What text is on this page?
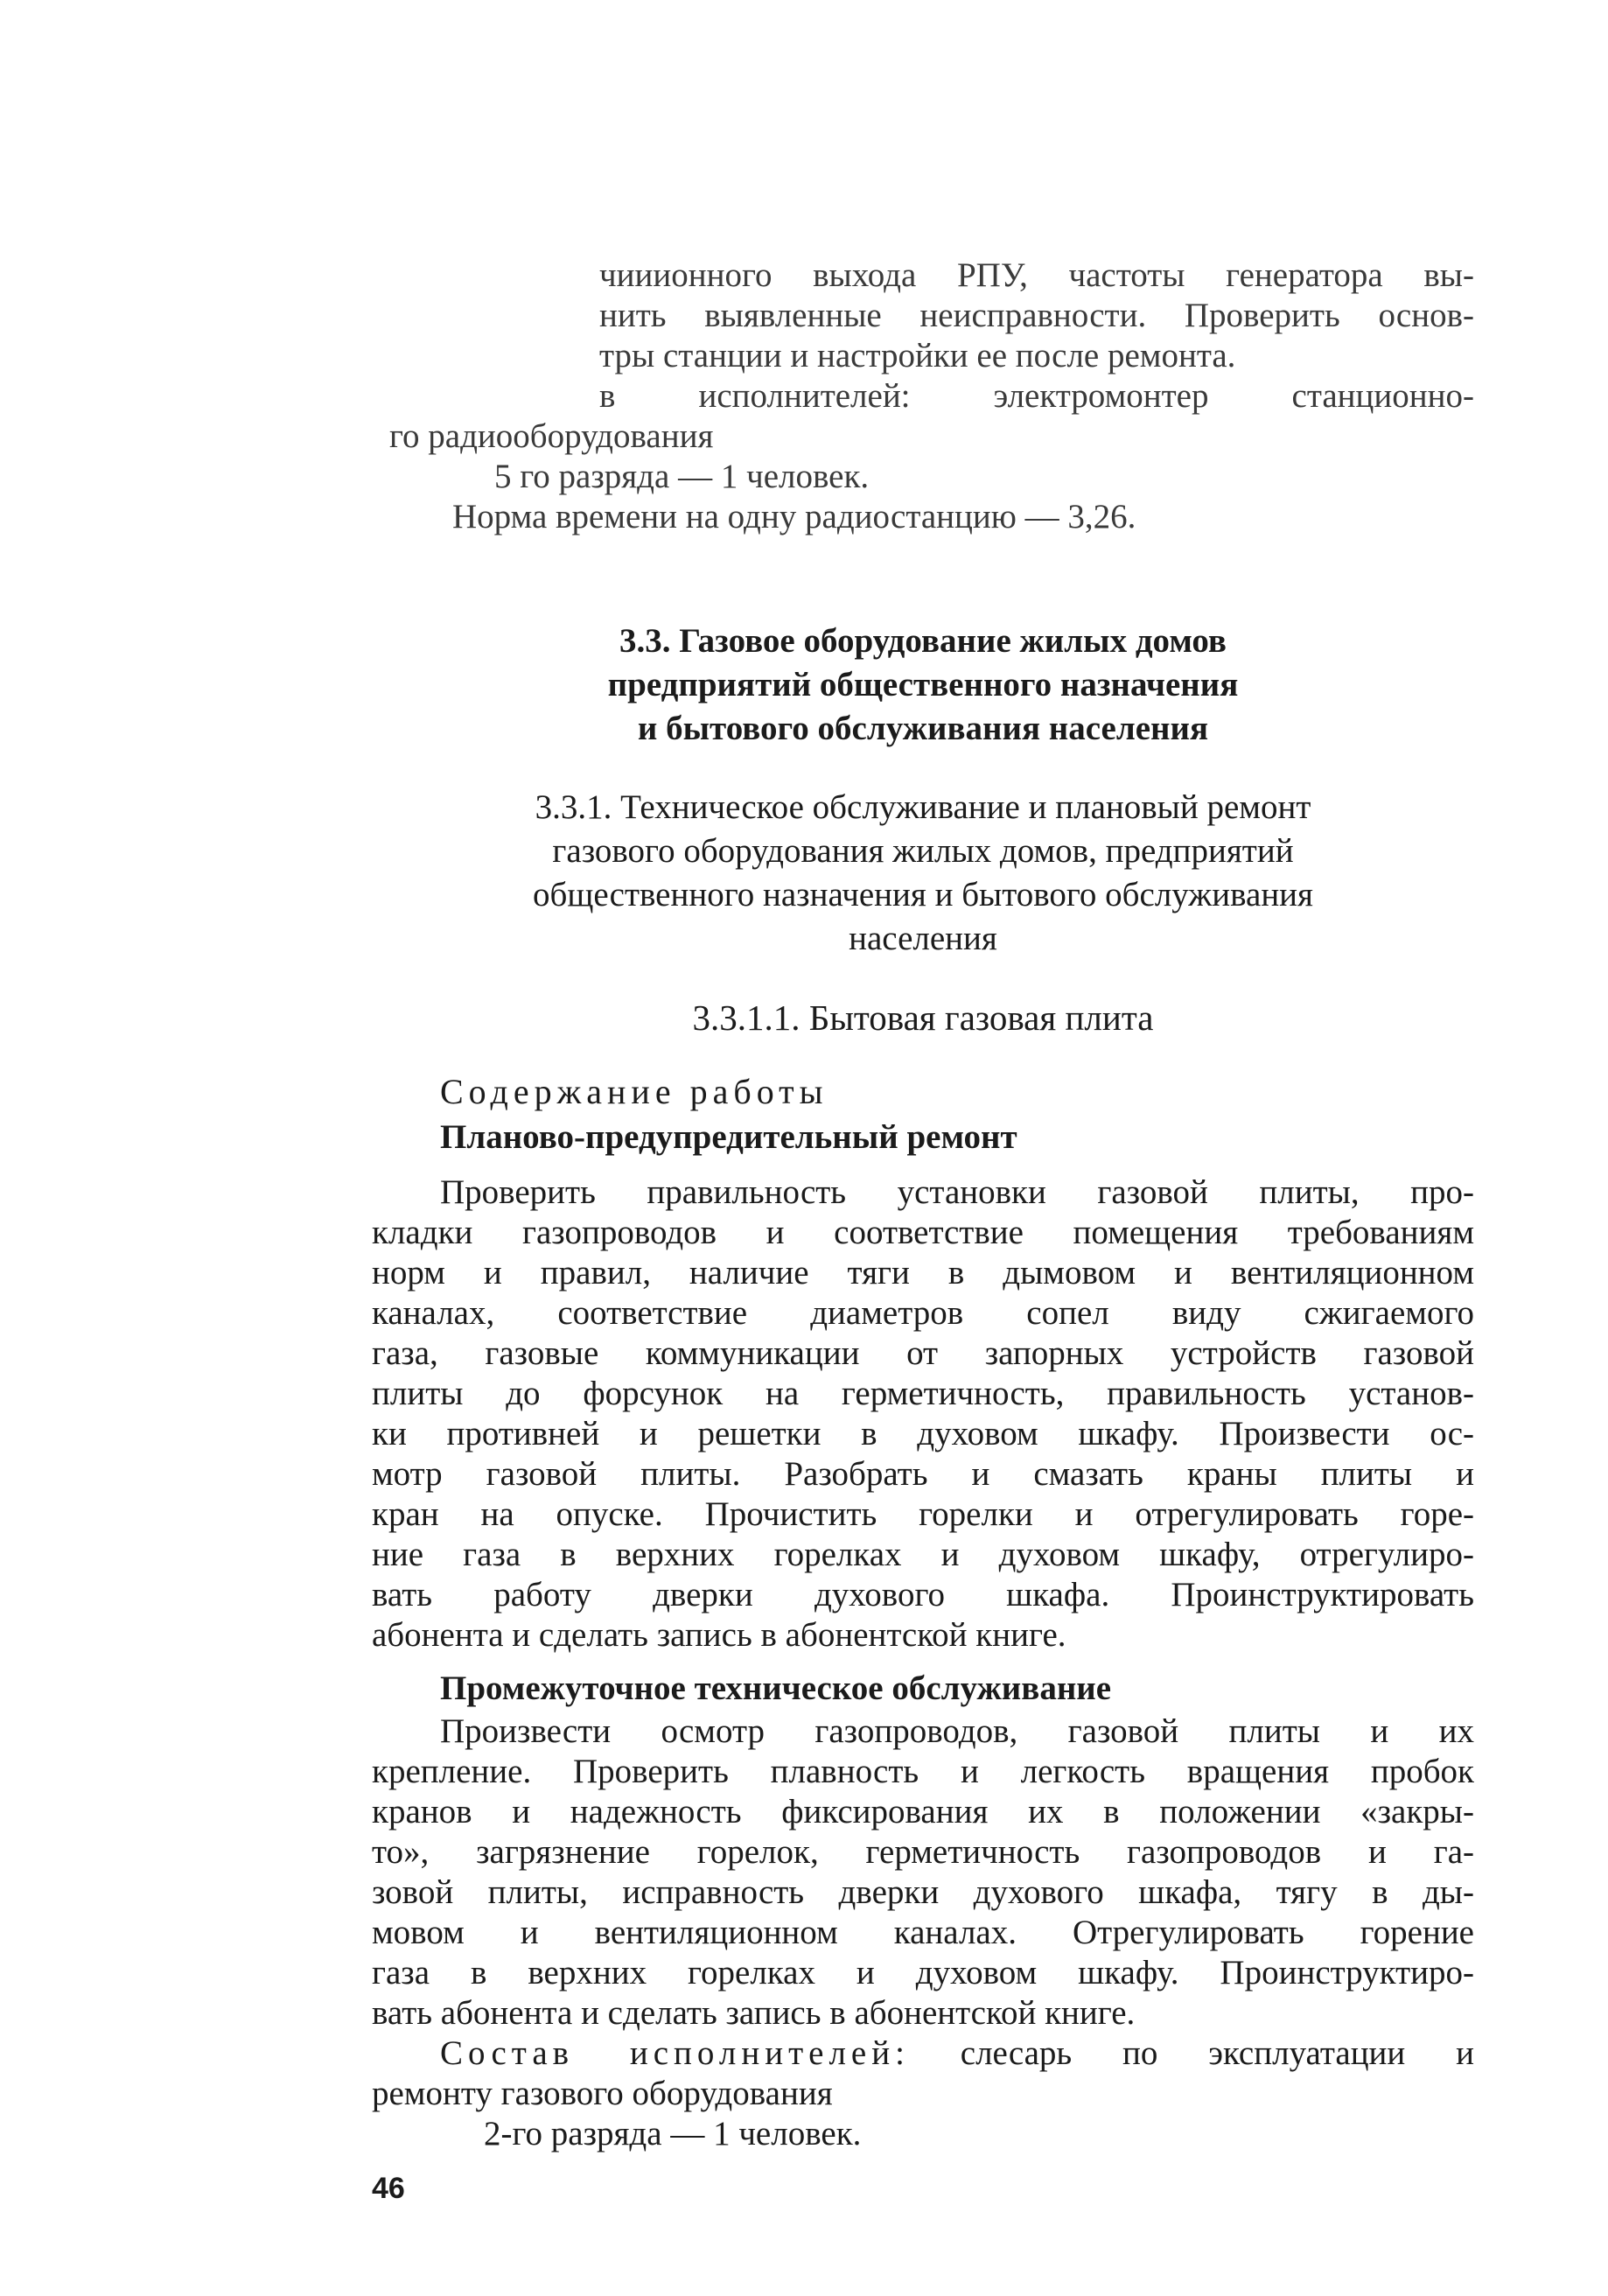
чииионного выхода РПУ, частоты генератора вы-
нить выявленные неисправности. Проверить основ-
тры станции и настройки ее после ремонта.
в исполнителей: электромонтер станционно-
го радиооборудования
5 го разряда — 1 человек.
Норма времени на одну радиостанцию — 3,26.
3.3. Газовое оборудование жилых домов
предприятий общественного назначения
и бытового обслуживания населения
3.3.1. Техническое обслуживание и плановый ремонт
газового оборудования жилых домов, предприятий
общественного назначения и бытового обслуживания
населения
3.3.1.1. Бытовая газовая плита
Содержание работы
Планово-предупредительный ремонт
Проверить правильность установки газовой плиты, про-
кладки газопроводов и соответствие помещения требованиям
норм и правил, наличие тяги в дымовом и вентиляционном
каналах, соответствие диаметров сопел виду сжигаемого
газа, газовые коммуникации от запорных устройств газовой
плиты до форсунок на герметичность, правильность установ-
ки противней и решетки в духовом шкафу. Произвести ос-
мотр газовой плиты. Разобрать и смазать краны плиты и
кран на опуске. Прочистить горелки и отрегулировать горе-
ние газа в верхних горелках и духовом шкафу, отрегулиро-
вать работу дверки духового шкафа. Проинструктировать
абонента и сделать запись в абонентской книге.
Промежуточное техническое обслуживание
Произвести осмотр газопроводов, газовой плиты и их
крепление. Проверить плавность и легкость вращения пробок
кранов и надежность фиксирования их в положении «закры-
то», загрязнение горелок, герметичность газопроводов и га-
зовой плиты, исправность дверки духового шкафа, тягу в ды-
мовом и вентиляционном каналах. Отрегулировать горение
газа в верхних горелках и духовом шкафу. Проинструктиро-
вать абонента и сделать запись в абонентской книге.
Состав исполнителей: слесарь по эксплуатации и
ремонту газового оборудования
2-го разряда — 1 человек.
46
